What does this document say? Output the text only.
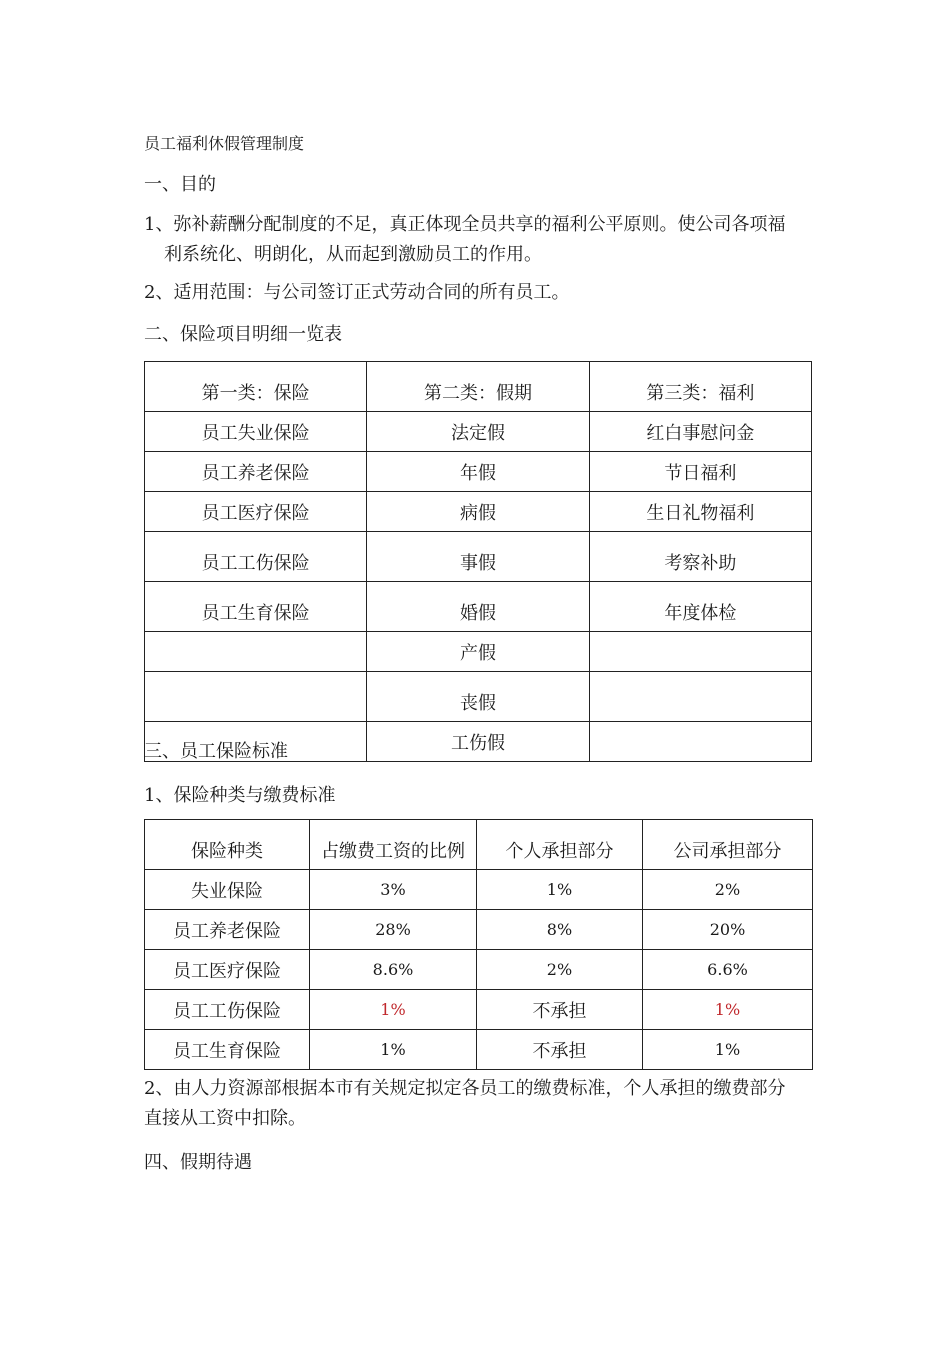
员工福利休假管理制度
一、目的
1、弥补薪酬分配制度的不足，真正体现全员共享的福利公平原则。使公司各项福
利系统化、明朗化，从而起到激励员工的作用。
2、适用范围：与公司签订正式劳动合同的所有员工。
二、保险项目明细一览表
第一类：保险	第二类：假期	第三类：福利
员工失业保险	法定假	红白事慰问金
员工养老保险	年假	节日福利
员工医疗保险	病假	生日礼物福利
员工工伤保险	事假	考察补助
员工生育保险	婚假	年度体检
	产假	
	丧假	
	工伤假	
三、员工保险标准
1、保险种类与缴费标准
保险种类	占缴费工资的比例	个人承担部分	公司承担部分
失业保险	3%	1%	2%
员工养老保险	28%	8%	20%
员工医疗保险	8.6%	2%	6.6%
员工工伤保险	1%	不承担	1%
员工生育保险	1%	不承担	1%
2、由人力资源部根据本市有关规定拟定各员工的缴费标准，个人承担的缴费部分
直接从工资中扣除。
四、假期待遇
